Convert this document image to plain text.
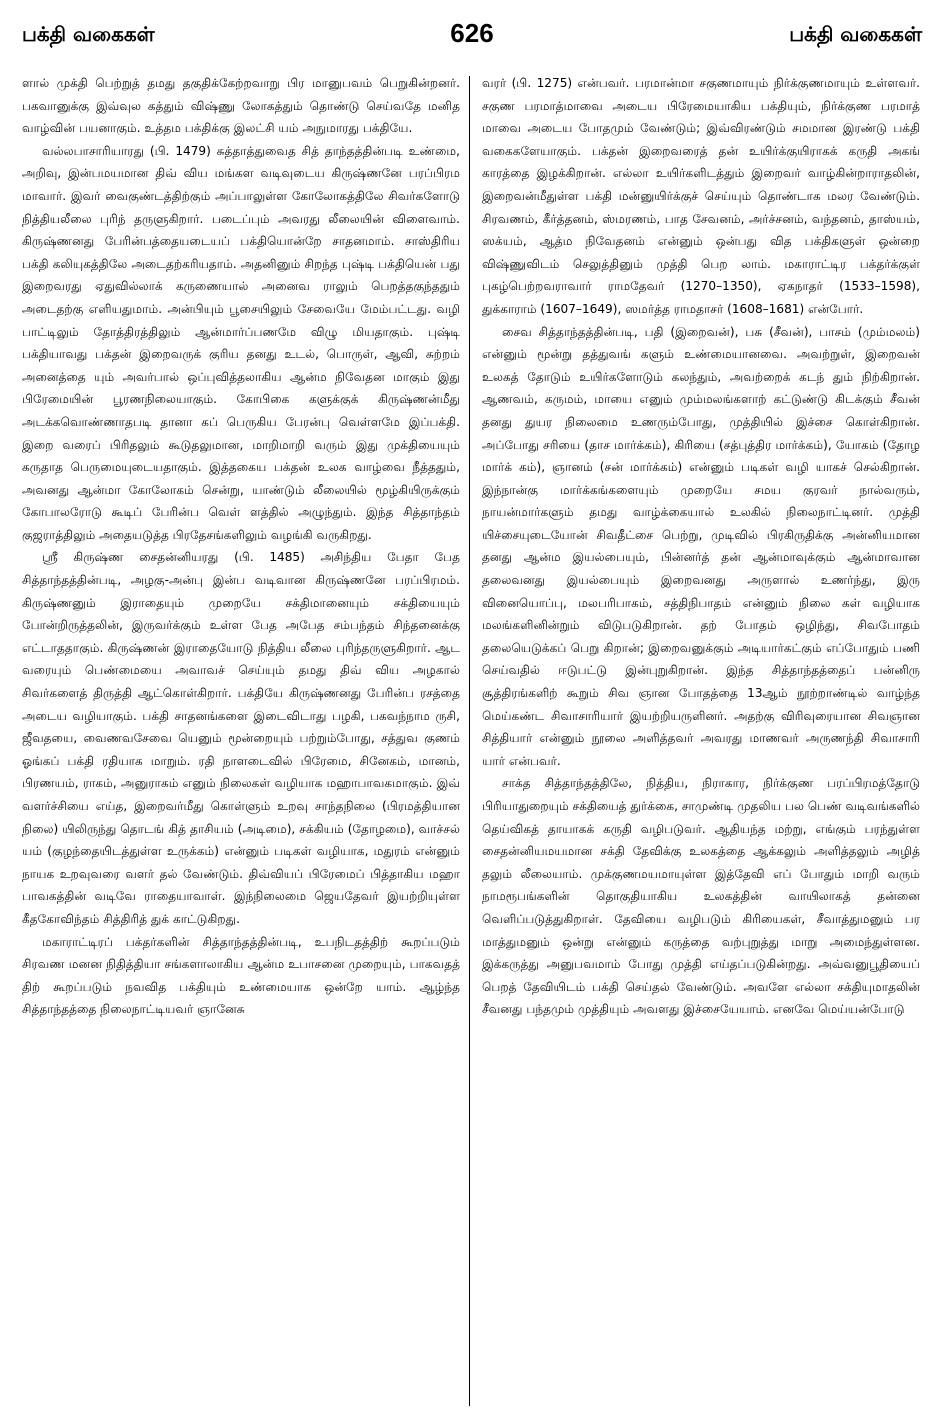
பக்தி வகைகள்	626	பக்தி வகைகள்

ளால் முக்தி பெற்றுத் தமது தகுதிக்கேற்றவாறு பிர மானுபவம் பெறுகின்றனர். பகவானுக்கு இவ்வுல கத்தும் விஷ்ணு லோகத்தும் தொண்டு செய்வதே மனித வாழ்வின் பயனாகும். உத்தம பக்திக்கு இலட்சி யம் அநுமாரது பக்தியே.

வல்லபாசாரியாரது (பி. 1479) சுத்தாத்துவைத சித் தாந்தத்தின்படி உண்மை, அறிவு, இன்பமயமான திவ் விய மங்கள வடிவுடைய கிருஷ்ணனே பரப்பிரம மாவார். இவர் வைகுண்டத்திற்கும் அப்பாலுள்ள கோலோகத்திலே சிவர்களோடு நித்தியலீலை புரிந் தருளுகிறார். படைப்பும் அவரது லீலையின் விளைவாம். கிருஷ்ணனது பேரின்பத்தையடையப் பக்தியொன்றே சாதனமாம். சாஸ்திரிய பக்தி கலியுகத்திலே அடைதற்கரியதாம். அதனினும் சிறந்த புஷ்டி பக்தியென் பது இறைவரது ஏதுவில்லாக் கருணையால் அனைவ ராலும் பெறத்தகுந்ததும் அடைதற்கு எளியதுமாம். அன்பியும் பூசையிலும் சேவையே மேம்பட்டது. வழி பாட்டிலும் தோத்திரத்திலும் ஆன்மார்ப்பணமே விழு மியதாகும். புஷ்டி பக்தியாவது பக்தன் இறைவருக் குரிய தனது உடல், பொருள், ஆவி, சுற்றம் அனைத்தை யும் அவர்பால் ஒப்புவித்தலாகிய ஆன்ம நிவேதன மாகும் இது பிரேமையின் பூரணநிலையாகும். கோபிகை களுக்குக் கிருஷ்ணன்மீது அடக்கவொண்ணாதபடி தானா கப் பெருகிய பேரன்பு வெள்ளமே இப்பக்தி. இறை வரைப் பிரிதலும் கூடுதலுமான, மாறிமாறி வரும் இது முக்தியையும் கருதாத பெருமையுடையதாகும். இத்தகைய பக்தன் உலக வாழ்வை நீத்ததும், அவனது ஆன்மா கோலோகம் சென்று, யாண்டும் லீலையில் மூழ்கியிருக்கும் கோபாலரோடு கூடிப் பேரின்ப வெள் ளத்தில் அழுந்தும். இந்த சித்தாந்தம் குஜராத்திலும் அதையடுத்த பிரதேசங்களிலும் வழங்கி வருகிறது.

ஸ்ரீ கிருஷ்ண சைதன்னியரது (பி. 1485) அசிந்திய பேதா பேத சித்தாந்தத்தின்படி, அழகு-அன்பு இன்ப வடிவான கிருஷ்ணனே பரப்பிரமம். கிருஷ்ணனும் இராதையும் முறையே சக்திமானையும் சக்தியையும் போன்றிருத்தலின், இருவர்க்கும் உள்ள பேத அபேத சம்பந்தம் சிந்தனைக்கு எட்டாததாகும். கிருஷ்ணன் இராதையோடு நித்திய லீலை புரிந்தருளுகிறார். ஆட வரையும் பெண்மையை அவாவச் செய்யும் தமது திவ் விய அழகால் சிவர்களைத் திருத்தி ஆட்கொள்கிறார். பக்தியே கிருஷ்ணனது பேரின்ப ரசத்தை அடைய வழியாகும். பக்தி சாதனங்களை இடைவிடாது பழகி, பகவந்நாம ருசி, ஜீவதயை, வைணவசேவை யெனும் மூன்றையும் பற்றும்போது, சத்துவ குணம் ஓங்கப் பக்தி ரதியாக மாறும். ரதி நாளடைவில் பிரேமை, சினேகம், மானம், பிரணயம், ராகம், அனுராகம் எனும் நிலைகள் வழியாக மஹாபாவகமாகும். இவ் வளர்ச்சியை எய்த, இறைவர்மீது கொள்ளும் உறவு சாந்தநிலை (பிரமத்தியான நிலை) யிலிருந்து தொடங் கித் தாசியம் (அடிமை), சக்கியம் (தோழமை), வாச்சல் யம் (குழந்தையிடத்துள்ள உருக்கம்) என்னும் படிகள் வழியாக, மதுரம் என்னும் நாயக உறவுவரை வளர் தல் வேண்டும். திவ்வியப் பிரேமைப் பித்தாகிய மஹா பாவகத்தின் வடிவே ராதையாவாள். இந்நிலைமை ஜெயதேவர் இயற்றியுள்ள கீதகோவிந்தம் சித்திரித் துக் காட்டுகிறது.

மகாராட்டிரப் பக்தர்களின் சித்தாந்தத்தின்படி, உபநிடதத்திற் கூறப்படும் சிரவண மனன நிதித்தியா சங்களாலாகிய ஆன்ம உபாசனை முறையும், பாகவதத் திற் கூறப்படும் நவவித பக்தியும் உண்மையாக ஒன்றே யாம். ஆழ்ந்த சித்தாந்தத்தை நிலைநாட்டியவர் ஞானேசு

வரர் (பி. 1275) என்பவர். பரமான்மா சகுணமாயும் நிர்க்குணமாயும் உள்ளவர். சகுண பரமாத்மாவை அடைய பிரேமையாகிய பக்தியும், நிர்க்குண பரமாத் மாவை அடைய போதமும் வேண்டும்; இவ்விரண்டும் சமமான இரண்டு பக்தி வகைகளேயாகும். பக்தன் இறைவரைத் தன் உயிர்க்குயிராகக் கருதி அகங் காரத்தை இழக்கிறான். எல்லா உயிர்களிடத்தும் இறைவர் வாழ்கின்றாராதலின், இறைவன்மீதுள்ள பக்தி மன்னுயிர்க்குச் செய்யும் தொண்டாக மலர வேண்டும். சிரவணம், கீர்த்தனம், ஸ்மரணம், பாத சேவனம், அர்ச்சனம், வந்தனம், தாஸ்யம், ஸக்யம், ஆத்ம நிவேதனம் என்னும் ஒன்பது வித பக்திகளுள் ஒன்றை விஷ்ணுவிடம் செலுத்தினும் முத்தி பெற லாம். மகாராட்டிர பக்தர்க்குள் புகழ்பெற்றவராவார் ராமதேவர் (1270–1350), ஏகநாதர் (1533–1598), துக்காராம் (1607–1649), ஸமர்த்த ராமதாசர் (1608–1681) என்போர்.

சைவ சித்தாந்தத்தின்படி, பதி (இறைவன்), பசு (சீவன்), பாசம் (மும்மலம்) என்னும் மூன்று தத்துவங் களும் உண்மையானவை. அவற்றுள், இறைவன் உலகத் தோடும் உயிர்களோடும் கலந்தும், அவற்றைக் கடந் தும் நிற்கிறான். ஆணவம், கருமம், மாயை எனும் மும்மலங்களாற் கட்டுண்டு கிடக்கும் சீவன் தனது துயர நிலைமை உணரும்போது, முத்தியில் இச்சை கொள்கிறான். அப்போது சரியை (தாச மார்க்கம்), கிரியை (சத்புத்திர மார்க்கம்), யோகம் (தோழ மார்க் கம்), ஞானம் (சன் மார்க்கம்) என்னும் படிகள் வழி யாகச் செல்கிறான். இந்நான்கு மார்க்கங்களையும் முறையே சமய குரவர் நால்வரும், நாயன்மார்களும் தமது வாழ்க்கையால் உலகில் நிலைநாட்டினர். முத்தி யிச்சையுடையோன் சிவதீட்சை பெற்று, முடிவில் பிரகிருதிக்கு அன்னியமான தனது ஆன்ம இயல்பையும், பின்னர்த் தன் ஆன்மாவுக்கும் ஆன்மாவான தலைவனது இயல்பையும் இறைவனது அருளால் உணர்ந்து, இரு வினையொப்பு, மலபரிபாகம், சத்திநிபாதம் என்னும் நிலை கள் வழியாக மலங்களினின்றும் விடுபடுகிறான். தற் போதம் ஒழிந்து, சிவபோதம் தலையெடுக்கப் பெறு கிறான்; இறைவனுக்கும் அடியார்கட்கும் எப்போதும் பணி செய்வதில் ஈடுபட்டு இன்புறுகிறான். இந்த சித்தாந்தத்தைப் பன்னிரு சூத்திரங்களிற் கூறும் சிவ ஞான போதத்தை 13ஆம் நூற்றாண்டில் வாழ்ந்த மெய்கண்ட சிவாசாரியார் இயற்றியருளினர். அதற்கு விரிவுரையான சிவஞான சித்தியார் என்னும் நூலை அளித்தவர் அவரது மாணவர் அருணந்தி சிவாசாரி யார் என்பவர்.

சாக்த சித்தாந்தத்திலே, நித்திய, நிராகார, நிர்க்குண பரப்பிரமத்தோடு பிரியாதுறையும் சக்தியைத் துர்க்கை, சாமுண்டி முதலிய பல பெண் வடிவங்களில் தெய்விகத் தாயாகக் கருதி வழிபடுவர். ஆதியந்த மற்று, எங்கும் பரந்துள்ள சைதன்னியமயமான சக்தி தேவிக்கு உலகத்தை ஆக்கலும் அளித்தலும் அழித் தலும் லீலையாம். முக்குணமயமாயுள்ள இத்தேவி எப் போதும் மாறி வரும் நாமரூபங்களின் தொகுதியாகிய உலகத்தின் வாயிலாகத் தன்னை வெளிப்படுத்துகிறாள். தேவியை வழிபடும் கிரியைகள், சீவாத்துமனும் பர மாத்துமனும் ஒன்று என்னும் கருத்தை வற்புறுத்து மாறு அமைந்துள்ளன. இக்கருத்து அனுபவமாம் போது முத்தி எய்தப்படுகின்றது. அவ்வனுபூதியைப் பெறத் தேவியிடம் பக்தி செய்தல் வேண்டும். அவளே எல்லா சக்தியுமாதலின் சீவனது பந்தமும் முத்தியும் அவளது இச்சையேயாம். எனவே மெய்யன்போடு
